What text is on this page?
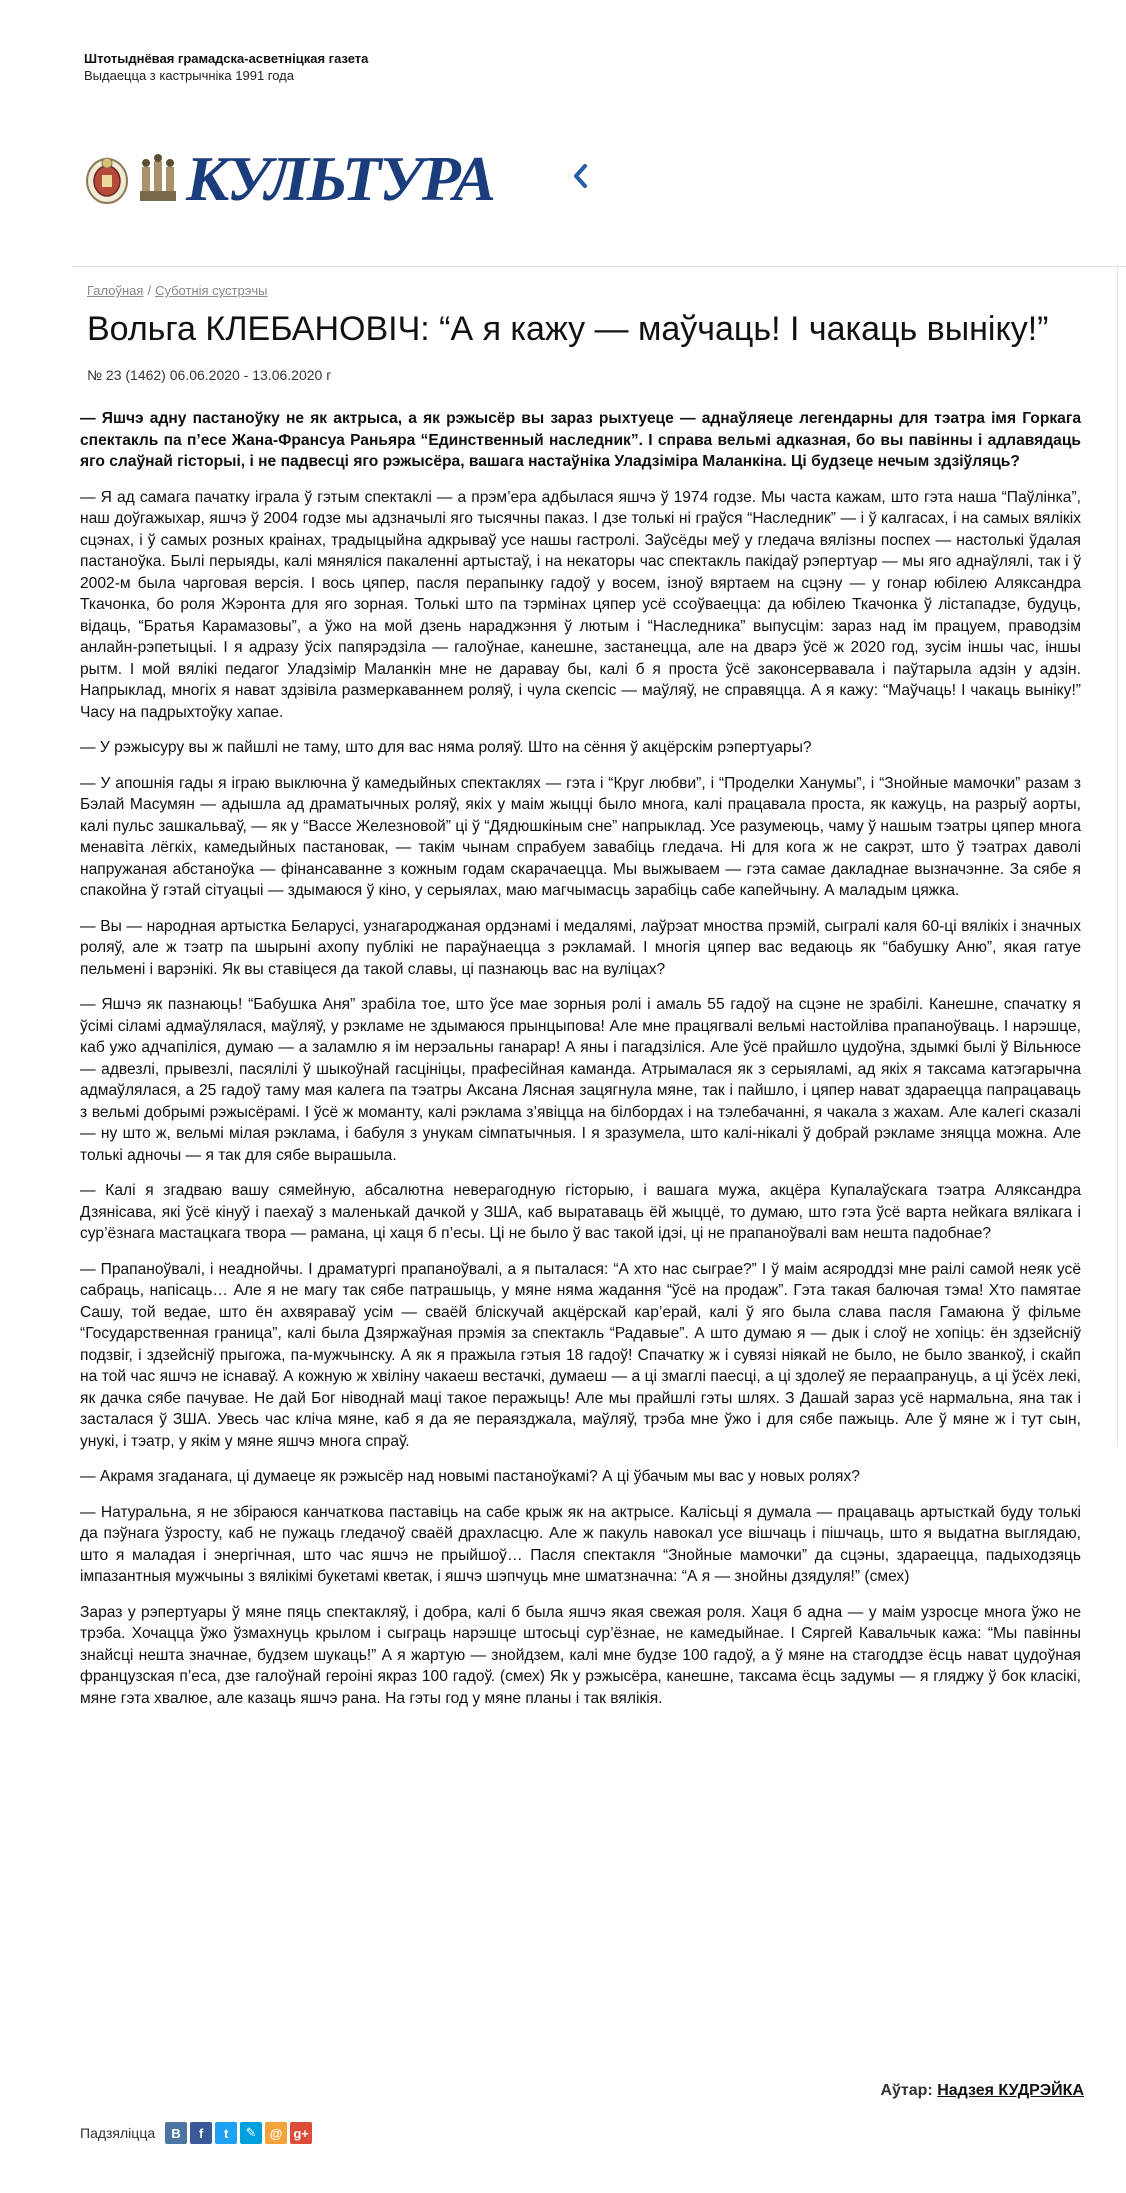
Штотыднёвая грамадска-асветніцкая газета
Выдаецца з кастрычніка 1991 года
КУЛЬТУРА
Галоўная / Суботнія сустрэчы
Вольга КЛЕБАНОВІЧ: “А я кажу — маўчаць! І чакаць выніку!”
№ 23 (1462) 06.06.2020 - 13.06.2020 г

— Яшчэ адну пастаноўку не як актрыса, а як рэжысёр вы зараз рыхтуеце — аднаўляеце легендарны для тэатра імя Горкага спектакль па п’есе Жана-Франсуа Раньяра “Единственный наследник”. І справа вельмі адказная, бо вы павінны і адлавядаць яго слаўнай гісторыі, і не падвесці яго рэжысёра, вашага настаўніка Уладзіміра Маланкіна. Ці будзеце нечым здзіўляць?

— Я ад самага пачатку іграла ў гэтым спектаклі — а прэм’ера адбылася яшчэ ў 1974 годзе. Мы часта кажам, што гэта наша “Паўлінка”, наш доўгажыхар, яшчэ ў 2004 годзе мы адзначылі яго тысячны паказ. І дзе толькі ні граўся “Наследник” — і ў калгасах, і на самых вялікіх сцэнах, і ў самых розных краінах, традыцыйна адкрываў усе нашы гастролі. Заўсёды меў у гледача вялізны поспех — настолькі ўдалая пастаноўка. Былі перыяды, калі мяняліся пакаленні артыстаў, і на некаторы час спектакль пакідаў рэпертуар — мы яго аднаўлялі, так і ў 2002-м была чарговая версія. І вось цяпер, пасля перапынку гадоў у восем, ізноў вяртаем на сцэну — у гонар юбілею Аляксандра Ткачонка, бо роля Жэронта для яго зорная. Толькі што па тэрмінах цяпер усё ссоўваецца: да юбілею Ткачонка ў лістападзе, будуць, відаць, “Братья Карамазовы”, а ўжо на мой дзень нараджэння ў лютым і “Наследника” выпусцім: зараз над ім працуем, праводзім анлайн-рэпетыцыі. І я адразу ўсіх папярэдзіла — галоўнае, канешне, застанецца, але на дварэ ўсё ж 2020 год, зусім іншы час, іншы рытм. І мой вялікі педагог Уладзімір Маланкін мне не даравау бы, калі б я проста ўсё законсервавала і паўтарыла адзін у адзін. Напрыклад, многіх я нават здзівіла размеркаваннем роляў, і чула скепсіс — маўляў, не справяцца. А я кажу: “Маўчаць! І чакаць выніку!” Часу на падрыхтоўку хапае.

— У рэжысуру вы ж пайшлі не таму, што для вас няма роляў. Што на сёння ў акцёрскім рэпертуары?

— У апошнія гады я іграю выключна ў камедыйных спектаклях — гэта і “Круг любви”, і “Проделки Ханумы”, і “Знойные мамочки” разам з Бэлай Масумян — адышла ад драматычных роляў, якіх у маім жыцці было многа, калі працавала проста, як кажуць, на разрыў аорты, калі пульс зашкальваў, — як у “Вассе Железновой” ці ў “Дядюшкіным сне” напрыклад. Усе разумеюць, чаму ў нашым тэатры цяпер многа менавіта лёгкіх, камедыйных пастановак, — такім чынам спрабуем завабіць гледача. Ні для кога ж не сакрэт, што ў тэатрах даволі напружаная абстаноўка — фінансаванне з кожным годам скарачаецца. Мы выжываем — гэта самае дакладнае вызначэнне. За сябе я спакойна ў гэтай сітуацыі — здымаюся ў кіно, у серыялах, маю магчымасць зарабіць сабе капейчыну. А маладым цяжка.

— Вы — народная артыстка Беларусі, узнагароджаная ордэнамі і медалямі, лаўрэат мноства прэмій, сыгралі каля 60-ці вялікіх і значных роляў, але ж тэатр па шырыні ахопу публікі не параўнаецца з рэкламай. І многія цяпер вас ведаюць як “бабушку Аню”, якая гатуе пельмені і варэнікі. Як вы ставіцеся да такой славы, ці пазнаюць вас на вуліцах?

— Яшчэ як пазнаюць! “Бабушка Аня” зрабіла тое, што ўсе мае зорныя ролі і амаль 55 гадоў на сцэне не зрабілі. Канешне, спачатку я ўсімі сіламі адмаўлялася, маўляў, у рэкламе не здымаюся прынцыпова! Але мне працягвалі вельмі настойліва прапаноўваць. І нарэшце, каб ужо адчапіліся, думаю — а заламлю я ім нерэальны ганарар! А яны і пагадзіліся. Але ўсё прайшло цудоўна, здымкі былі ў Вільнюсе — адвезлі, прывезлі, пасялілі ў шыкоўнай гасцініцы, прафесійная каманда. Атрымалася як з серыяламі, ад якіх я таксама катэгарычна адмаўлялася, а 25 гадоў таму мая калега па тэатры Аксана Лясная зацягнула мяне, так і пайшло, і цяпер нават здараецца папрацаваць з вельмі добрымі рэжысёрамі. І ўсё ж моманту, калі рэклама з’явіцца на білбордах і на тэлебачанні, я чакала з жахам. Але калегі сказалі — ну што ж, вельмі мілая рэклама, і бабуля з унукам сімпатычныя. І я зразумела, што калі-нікалі ў добрай рэкламе зняцца можна. Але толькі адночы — я так для сябе вырашыла.

— Калі я згадваю вашу сямейную, абсалютна неверагодную гісторыю, і вашага мужа, акцёра Купалаўскага тэатра Аляксандра Дзянісава, які ўсё кінуў і паехаў з маленькай дачкой у ЗША, каб выратаваць ёй жыццё, то думаю, што гэта ўсё варта нейкага вялікага і сур’ёзнага мастацкага твора — рамана, ці хаця б п’есы. Ці не было ў вас такой ідэі, ці не прапаноўвалі вам нешта падобнае?

— Прапаноўвалі, і неаднойчы. І драматургі прапаноўвалі, а я пыталася: “А хто нас сыграе?” І ў маім асяроддзі мне раілі самой неяк усё сабраць, напісаць… Але я не магу так сябе патрашыць, у мяне няма жадання “ўсё на продаж”. Гэта такая балючая тэма! Хто памятае Сашу, той ведае, што ён ахвяраваў усім — сваёй бліскучай акцёрскай кар’ерай, калі ў яго была слава пасля Гамаюна ў фільме “Государственная граница”, калі была Дзяржаўная прэмія за спектакль “Радавые”. А што думаю я — дык і слоў не хопіць: ён здзейсніў подзвіг, і здзейсніў прыгожа, па-мужчынску. А як я пражыла гэтыя 18 гадоў! Спачатку ж і сувязі ніякай не было, не было званкоў, і скайп на той час яшчэ не існаваў. А кожную ж хвіліну чакаеш вестачкі, думаеш — а ці змаглі паесці, а ці здолеў яе пераапрануць, а ці ўсёх лекі, як дачка сябе пачувае. Не дай Бог ніводнай маці такое перажыць! Але мы прайшлі гэты шлях. З Дашай зараз усё нармальна, яна так і засталася ў ЗША. Увесь час кліча мяне, каб я да яе пераязджала, маўляў, трэба мне ўжо і для сябе пажыць. Але ў мяне ж і тут сын, унукі, і тэатр, у якім у мяне яшчэ многа спраў.

— Акрамя згаданага, ці думаеце як рэжысёр над новымі пастаноўкамі? А ці ўбачым мы вас у новых ролях?

— Натуральна, я не збіраюся канчаткова паставіць на сабе крыж як на актрысе. Калісьці я думала — працаваць артысткай буду толькі да пэўнага ўзросту, каб не пужаць гледачоў сваёй драхласцю. Але ж пакуль навокал усе вішчаць і пішчаць, што я выдатна выглядаю, што я маладая і энергічная, што час яшчэ не прыйшоў… Пасля спектакля “Знойные мамочки” да сцэны, здараецца, падыходзяць імпазантныя мужчыны з вялікімі букетамі кветак, і яшчэ шэпчуць мне шматзначна: “А я — знойны дзядуля!” (смех)

Зараз у рэпертуары ў мяне пяць спектакляў, і добра, калі б была яшчэ якая свежая роля. Хаця б адна — у маім узросце многа ўжо не трэба. Хочацца ўжо ўзмахнуць крылом і сыграць нарэшце штосьці сур’ёзнае, не камедыйнае. І Сяргей Кавальчык кажа: “Мы павінны знайсці нешта значнае, будзем шукаць!” А я жартую — знойдзем, калі мне будзе 100 гадоў, а ў мяне на стагоддзе ёсць нават цудоўная французская п’еса, дзе галоўнай героіні якраз 100 гадоў. (смех) Як у рэжысёра, канешне, таксама ёсць задумы — я гляджу ў бок класікі, мяне гэта хвалюе, але казаць яшчэ рана. На гэты год у мяне планы і так вялікія.

Аўтар: Надзея КУДРЭЙКА
Падзяліцца	В	f	t	✎	@ g+
